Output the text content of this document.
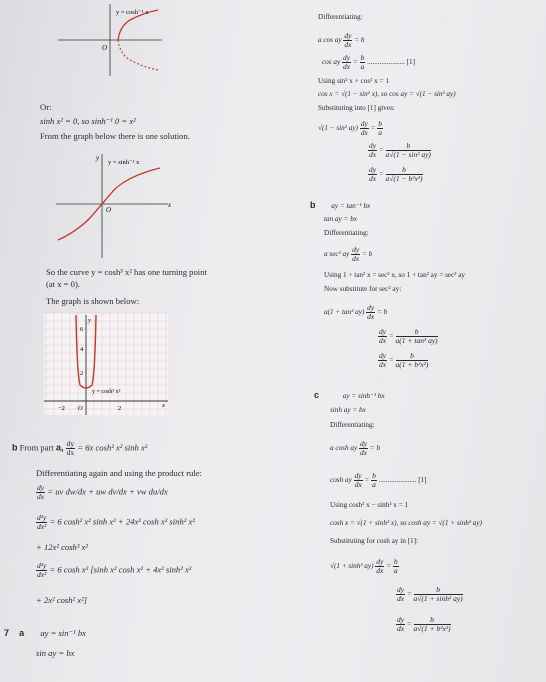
O
y = cosh⁻¹ x
Or:
sinh x² = 0, so sinh⁻¹ 0 = x²
From the graph below there is one solution.
O
x
y
y = sinh⁻¹ x
So the curve y = cosh³ x² has one turning point
(at x = 0).
The graph is shown below:
6
4
2
−2 O	2	x
y
y = cosh³ x²
b From part a, $\frac{dy}{dx} = 6x$ cosh² x² sinh x²
Differentiating again and using the product rule:
$\frac{dy}{dx}$ = uv dw/dx + uw dv/dx + vw du/dx
$\frac{\text{d²y}}{\text{dx²}} = 6$ cosh² x² sinh x² + 24x² cosh x² sinh² x²
+ 12x² cosh³ x²
$\frac{\text{d²y}}{\text{dx²}} = 6$ cosh x² [sinh x² cosh x² + 4x² sinh² x²
+ 2x² cosh² x²]
7 a ay = sin⁻¹ bx
sin ay = bx
Differentiating:
a cos ay $\frac{dy}{dx} = b$
cos ay $\frac{dy}{dx} = \frac{b}{a}$ ..................... [1]
Using sin² x + cos² x = 1
cos x = √(1 − sin² x), so cos ay = √(1 − sin² ay)
Substituting into [1] gives:
√(1 − sin² $ay) \frac{dy}{dx} = \frac{b}{a}$
$\frac{dy}{dx} = \frac{b}{\text{a√(1 − sin² ay)}}$
$\frac{dy}{dx} = \frac{b}{\text{a√(1 − b²x²)}}$
b ay = tan⁻¹ bx
tan ay = bx
Differentiating:
a sec² ay $\frac{dy}{dx} = b$
Using 1 + tan² x = sec² x, so 1 + tan² ay = sec² ay
Now substitute for sec² ay:
a(1 + tan² $ay) \frac{dy}{dx} = b$
$\frac{dy}{dx} = \frac{b}{\text{a(1 + tan² ay)}}$
$\frac{dy}{dx} = \frac{b}{\text{a(1 + b²x²)}}$
c	ay = sinh⁻¹ bx
sinh ay = bx
Differentiating:
a cosh ay $\frac{dy}{dx} = b$
cosh ay $\frac{dy}{dx} = \frac{b}{a}$ ..................... [1]
Using cosh² x − sinh² x = 1
cosh x = √(1 + sinh² x), so cosh ay = √(1 + sinh² ay)
Substituting for cosh ay in [1]:
√(1 + sinh² $ay) \frac{dy}{dx} = \frac{b}{a}$
$\frac{dy}{dx} = \frac{b}{\text{a√(1 + sinh² ay)}}$
$\frac{dy}{dx} = \frac{b}{\text{a√(1 + b²x²)}}$
